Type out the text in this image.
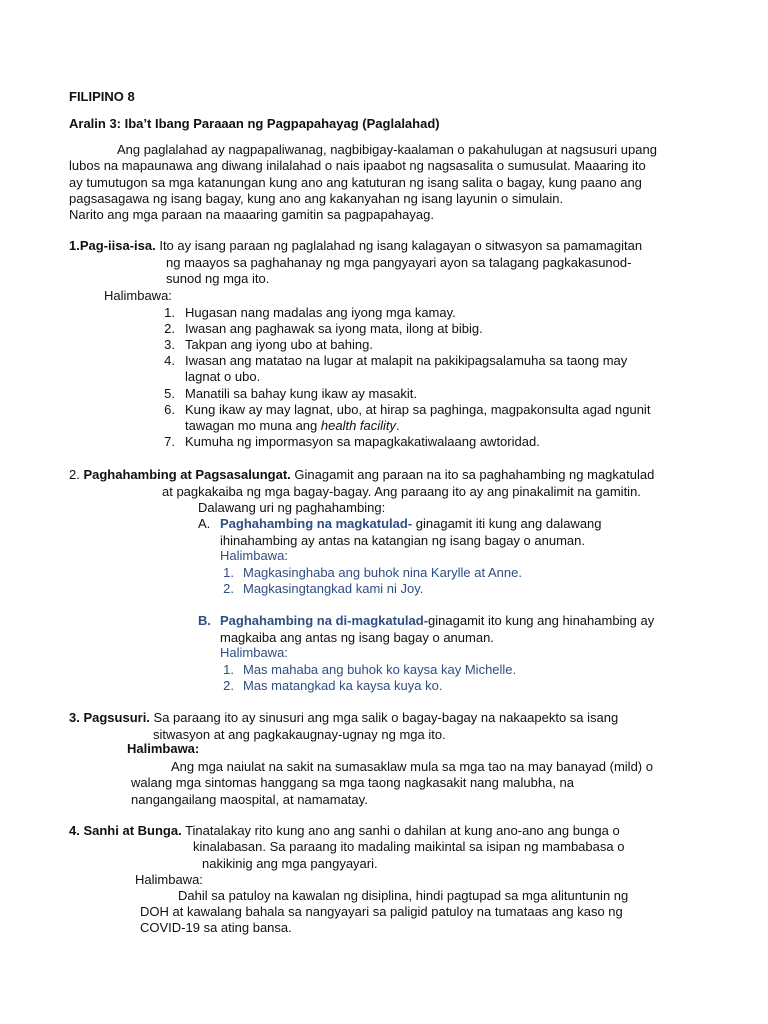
FILIPINO 8
Aralin 3: Iba’t Ibang Paraaan ng Pagpapahayag (Paglalahad)
Ang paglalahad ay nagpapaliwanag, nagbibigay-kaalaman o pakahulugan at nagsusuri upang
lubos na mapaunawa ang diwang inilalahad o nais ipaabot ng nagsasalita o sumusulat. Maaaring ito
ay tumutugon sa mga katanungan kung ano ang katuturan ng isang salita o bagay, kung paano ang
pagsasagawa ng isang bagay, kung ano ang kakanyahan ng isang layunin o simulain.
Narito ang mga paraan na maaaring gamitin sa pagpapahayag.
1.Pag-iisa-isa. Ito ay isang paraan ng paglalahad ng isang kalagayan o sitwasyon sa pamamagitan
ng maayos sa paghahanay ng mga pangyayari ayon sa talagang pagkakasunod-
sunod ng mga ito.
Halimbawa:
1. Hugasan nang madalas ang iyong mga kamay.
2. Iwasan ang paghawak sa iyong mata, ilong at bibig.
3. Takpan ang iyong ubo at bahing.
4. Iwasan ang matatao na lugar at malapit na pakikipagsalamuha sa taong may
lagnat o ubo.
5. Manatili sa bahay kung ikaw ay masakit.
6. Kung ikaw ay may lagnat, ubo, at hirap sa paghinga, magpakonsulta agad ngunit
tawagan mo muna ang health facility.
7. Kumuha ng impormasyon sa mapagkakatiwalaang awtoridad.
2. Paghahambing at Pagsasalungat. Ginagamit ang paraan na ito sa paghahambing ng magkatulad
at pagkakaiba ng mga bagay-bagay. Ang paraang ito ay ang pinakalimit na gamitin.
Dalawang uri ng paghahambing:
A. Paghahambing na magkatulad- ginagamit iti kung ang dalawang
ihinahambing ay antas na katangian ng isang bagay o anuman.
Halimbawa:
1. Magkasinghaba ang buhok nina Karylle at Anne.
2. Magkasingtangkad kami ni Joy.
B. Paghahambing na di-magkatulad-ginagamit ito kung ang hinahambing ay
magkaiba ang antas ng isang bagay o anuman.
Halimbawa:
1. Mas mahaba ang buhok ko kaysa kay Michelle.
2. Mas matangkad ka kaysa kuya ko.
3. Pagsusuri. Sa paraang ito ay sinusuri ang mga salik o bagay-bagay na nakaapekto sa isang
sitwasyon at ang pagkakaugnay-ugnay ng mga ito.
Halimbawa:
Ang mga naiulat na sakit na sumasaklaw mula sa mga tao na may banayad (mild) o
walang mga sintomas hanggang sa mga taong nagkasakit nang malubha, na
nangangailang maospital, at namamatay.
4. Sanhi at Bunga. Tinatalakay rito kung ano ang sanhi o dahilan at kung ano-ano ang bunga o
kinalabasan. Sa paraang ito madaling maikintal sa isipan ng mambabasa o
nakikinig ang mga pangyayari.
Halimbawa:
Dahil sa patuloy na kawalan ng disiplina, hindi pagtupad sa mga alituntunin ng
DOH at kawalang bahala sa nangyayari sa paligid patuloy na tumataas ang kaso ng
COVID-19 sa ating bansa.
